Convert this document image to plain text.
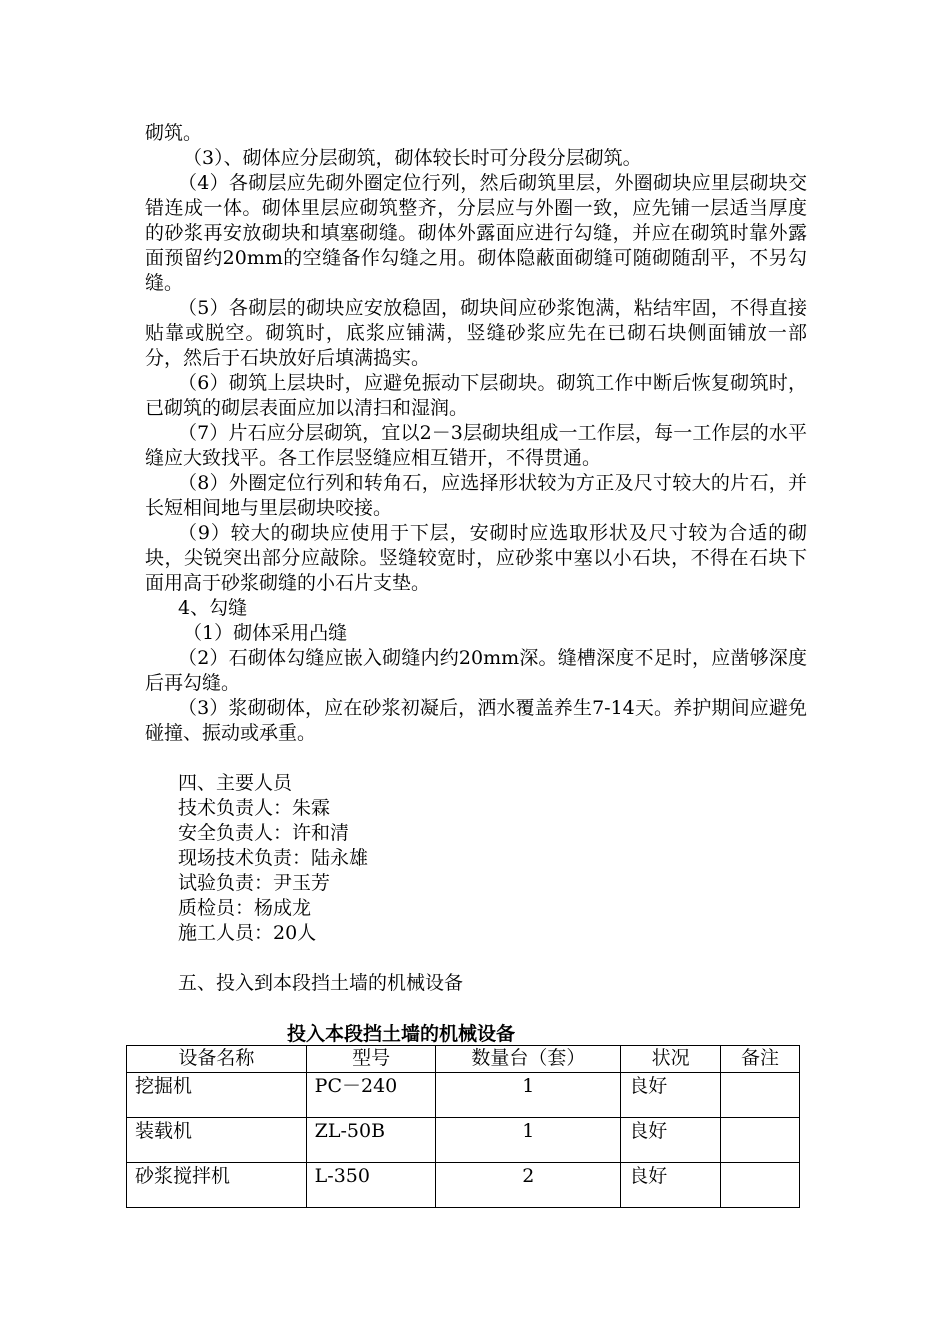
砌筑。

（3）、砌体应分层砌筑，砌体较长时可分段分层砌筑。

（4）各砌层应先砌外圈定位行列，然后砌筑里层，外圈砌块应里层砌块交错连成一体。砌体里层应砌筑整齐，分层应与外圈一致，应先铺一层适当厚度的砂浆再安放砌块和填塞砌缝。砌体外露面应进行勾缝，并应在砌筑时靠外露面预留约20mm的空缝备作勾缝之用。砌体隐蔽面砌缝可随砌随刮平，不另勾缝。

（5）各砌层的砌块应安放稳固，砌块间应砂浆饱满，粘结牢固，不得直接贴靠或脱空。砌筑时，底浆应铺满，竖缝砂浆应先在已砌石块侧面铺放一部分，然后于石块放好后填满捣实。

（6）砌筑上层块时，应避免振动下层砌块。砌筑工作中断后恢复砌筑时，已砌筑的砌层表面应加以清扫和湿润。

（7）片石应分层砌筑，宜以2－3层砌块组成一工作层，每一工作层的水平缝应大致找平。各工作层竖缝应相互错开，不得贯通。

（8）外圈定位行列和转角石，应选择形状较为方正及尺寸较大的片石，并长短相间地与里层砌块咬接。

（9）较大的砌块应使用于下层，安砌时应选取形状及尺寸较为合适的砌块，尖锐突出部分应敲除。竖缝较宽时，应砂浆中塞以小石块，不得在石块下面用高于砂浆砌缝的小石片支垫。

4、勾缝

（1）砌体采用凸缝

（2）石砌体勾缝应嵌入砌缝内约20mm深。缝槽深度不足时，应凿够深度后再勾缝。

（3）浆砌砌体，应在砂浆初凝后，洒水覆盖养生7-14天。养护期间应避免碰撞、振动或承重。

四、主要人员

技术负责人：朱霖

安全负责人：许和清

现场技术负责：陆永雄

试验负责：尹玉芳

质检员：杨成龙

施工人员：20人

五、投入到本段挡土墙的机械设备

投入本段挡土墙的机械设备
设备名称	型号	数量台（套）	状况	备注
挖掘机	PC－240	1	良好	
装载机	ZL-50B	1	良好	
砂浆搅拌机	L-350	2	良好	
